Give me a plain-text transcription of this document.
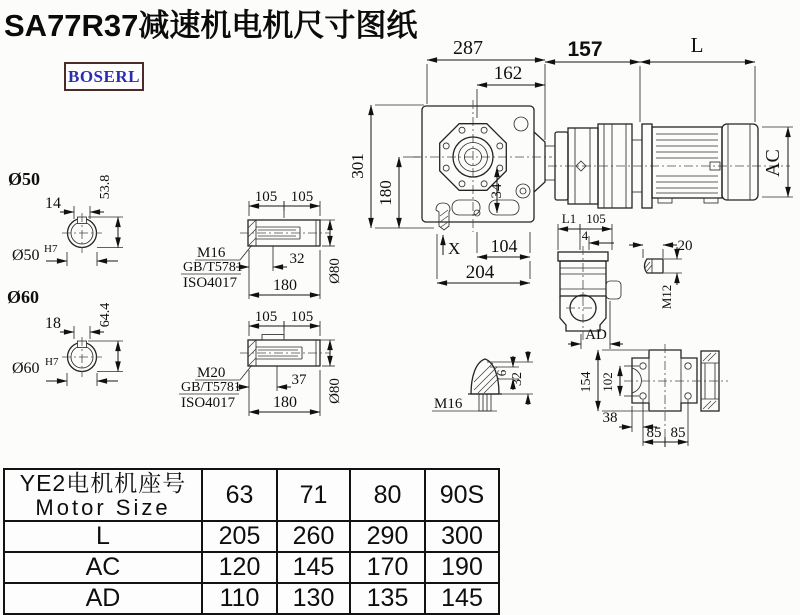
SA77R37减速机电机尺寸图纸
BOSERL
287
162
157	L
301
180
AC
34
X 104
204
Ø50
14
53.8
Ø50 H7
Ø60
18	64.4
Ø60 H7
105 105
M16
GB/T5781
ISO4017
32
180
Ø80
105 105
M20
GB/T5781
ISO4017
37
180 Ø80
L1 105
4
AD
20
M12
M16
6 32	154 102
38
85 85
YE2电机机座号
Motor Size	63	71	80	90S
L	205	260	290	300
AC	120	145	170	190
AD	110	130	135	145
